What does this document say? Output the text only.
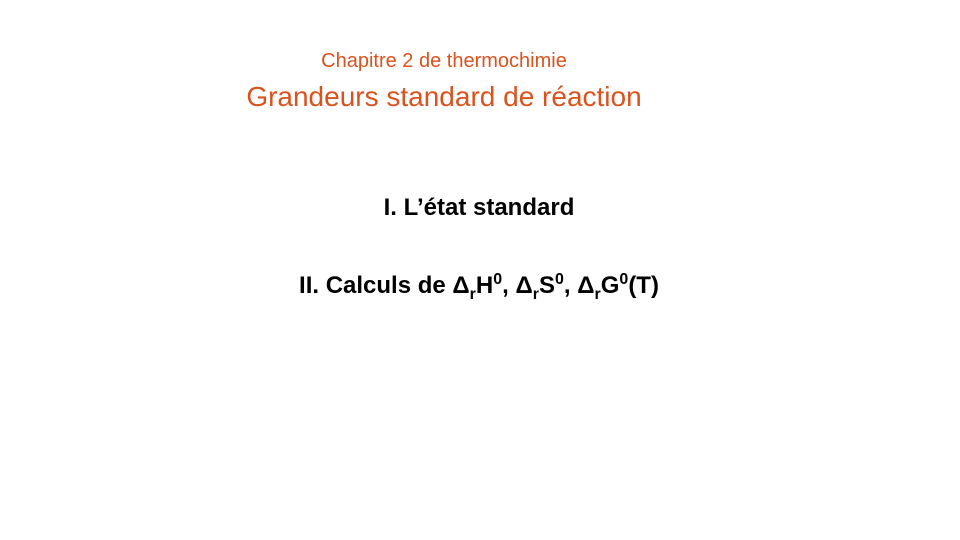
Chapitre 2 de thermochimie
Grandeurs standard de réaction
I. L’état standard
II. Calculs de $\Delta_rH^0$, $\Delta_rS^0$, $\Delta_rG^0(T)$
